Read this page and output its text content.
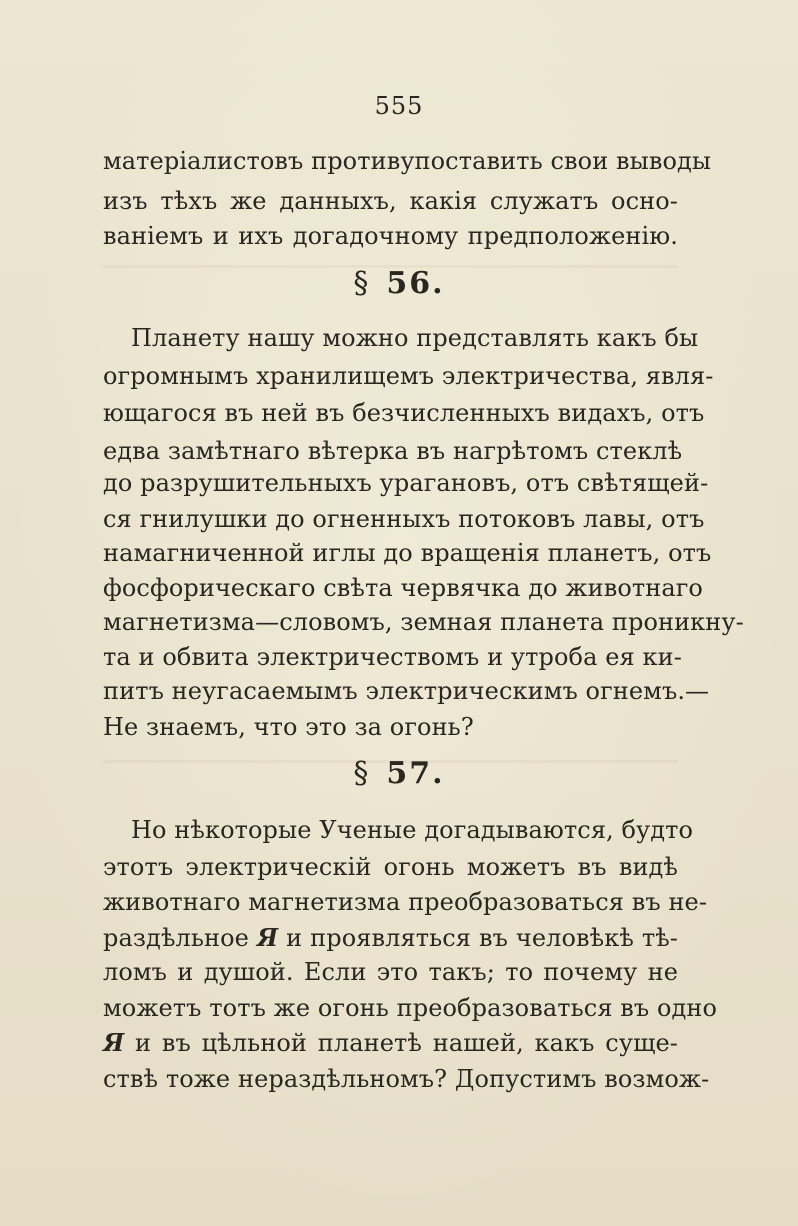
555
матеріалистовъ противупоставить свои выводы
изъ тѣхъ же данныхъ, какія служатъ осно-
ваніемъ и ихъ догадочному предположенію.
§ 56.
Планету нашу можно представлять какъ бы
огромнымъ хранилищемъ электричества, явля-
ющагося въ ней въ безчисленныхъ видахъ, отъ
едва замѣтнаго вѣтерка въ нагрѣтомъ стеклѣ
до разрушительныхъ урагановъ, отъ свѣтящей-
ся гнилушки до огненныхъ потоковъ лавы, отъ
намагниченной иглы до вращенія планетъ, отъ
фосфорическаго свѣта червячка до животнаго
магнетизма—словомъ, земная планета проникну-
та и обвита электричествомъ и утроба ея ки-
питъ неугасаемымъ электрическимъ огнемъ.—
Не знаемъ, что это за огонь?
§ 57.
Но нѣкоторые Ученые догадываются, будто
этотъ электрическій огонь можетъ въ видѣ
животнаго магнетизма преобразоваться въ не-
раздѣльное Я и проявляться въ человѣкѣ тѣ-
ломъ и душой. Если это такъ; то почему не
можетъ тотъ же огонь преобразоваться въ одно
Я и въ цѣльной планетѣ нашей, какъ суще-
ствѣ тоже нераздѣльномъ? Допустимъ возмож-
